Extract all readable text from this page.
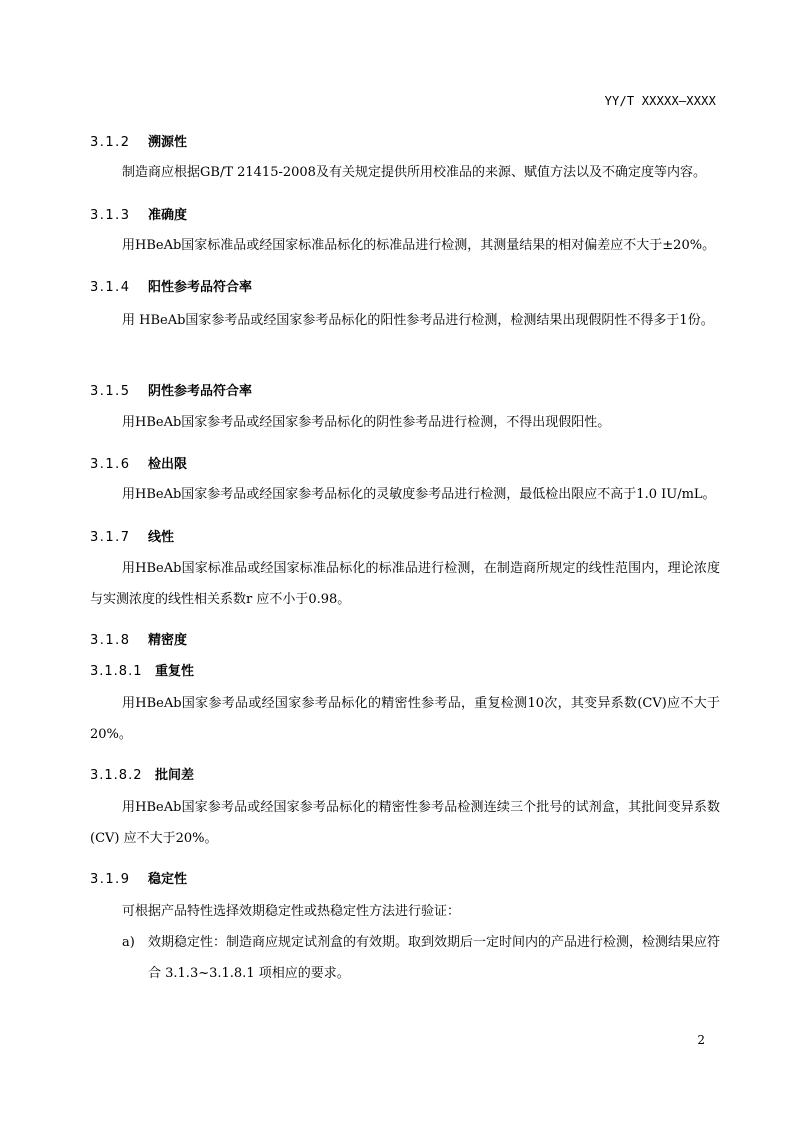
YY/T XXXXX—XXXX
3.1.2 溯源性
制造商应根据GB/T 21415-2008及有关规定提供所用校准品的来源、赋值方法以及不确定度等内容。
3.1.3 准确度
用HBeAb国家标准品或经国家标准品标化的标准品进行检测，其测量结果的相对偏差应不大于±20%。
3.1.4 阳性参考品符合率
用 HBeAb国家参考品或经国家参考品标化的阳性参考品进行检测，检测结果出现假阴性不得多于1份。
3.1.5 阴性参考品符合率
用HBeAb国家参考品或经国家参考品标化的阴性参考品进行检测，不得出现假阳性。
3.1.6 检出限
用HBeAb国家参考品或经国家参考品标化的灵敏度参考品进行检测，最低检出限应不高于1.0 IU/mL。
3.1.7 线性
用HBeAb国家标准品或经国家标准品标化的标准品进行检测，在制造商所规定的线性范围内，理论浓度与实测浓度的线性相关系数r 应不小于0.98。
3.1.8 精密度
3.1.8.1 重复性
用HBeAb国家参考品或经国家参考品标化的精密性参考品，重复检测10次，其变异系数(CV)应不大于20%。
3.1.8.2 批间差
用HBeAb国家参考品或经国家参考品标化的精密性参考品检测连续三个批号的试剂盒，其批间变异系数(CV) 应不大于20%。
3.1.9 稳定性
可根据产品特性选择效期稳定性或热稳定性方法进行验证：
a)	效期稳定性：制造商应规定试剂盒的有效期。取到效期后一定时间内的产品进行检测，检测结果应符合 3.1.3~3.1.8.1 项相应的要求。
2
